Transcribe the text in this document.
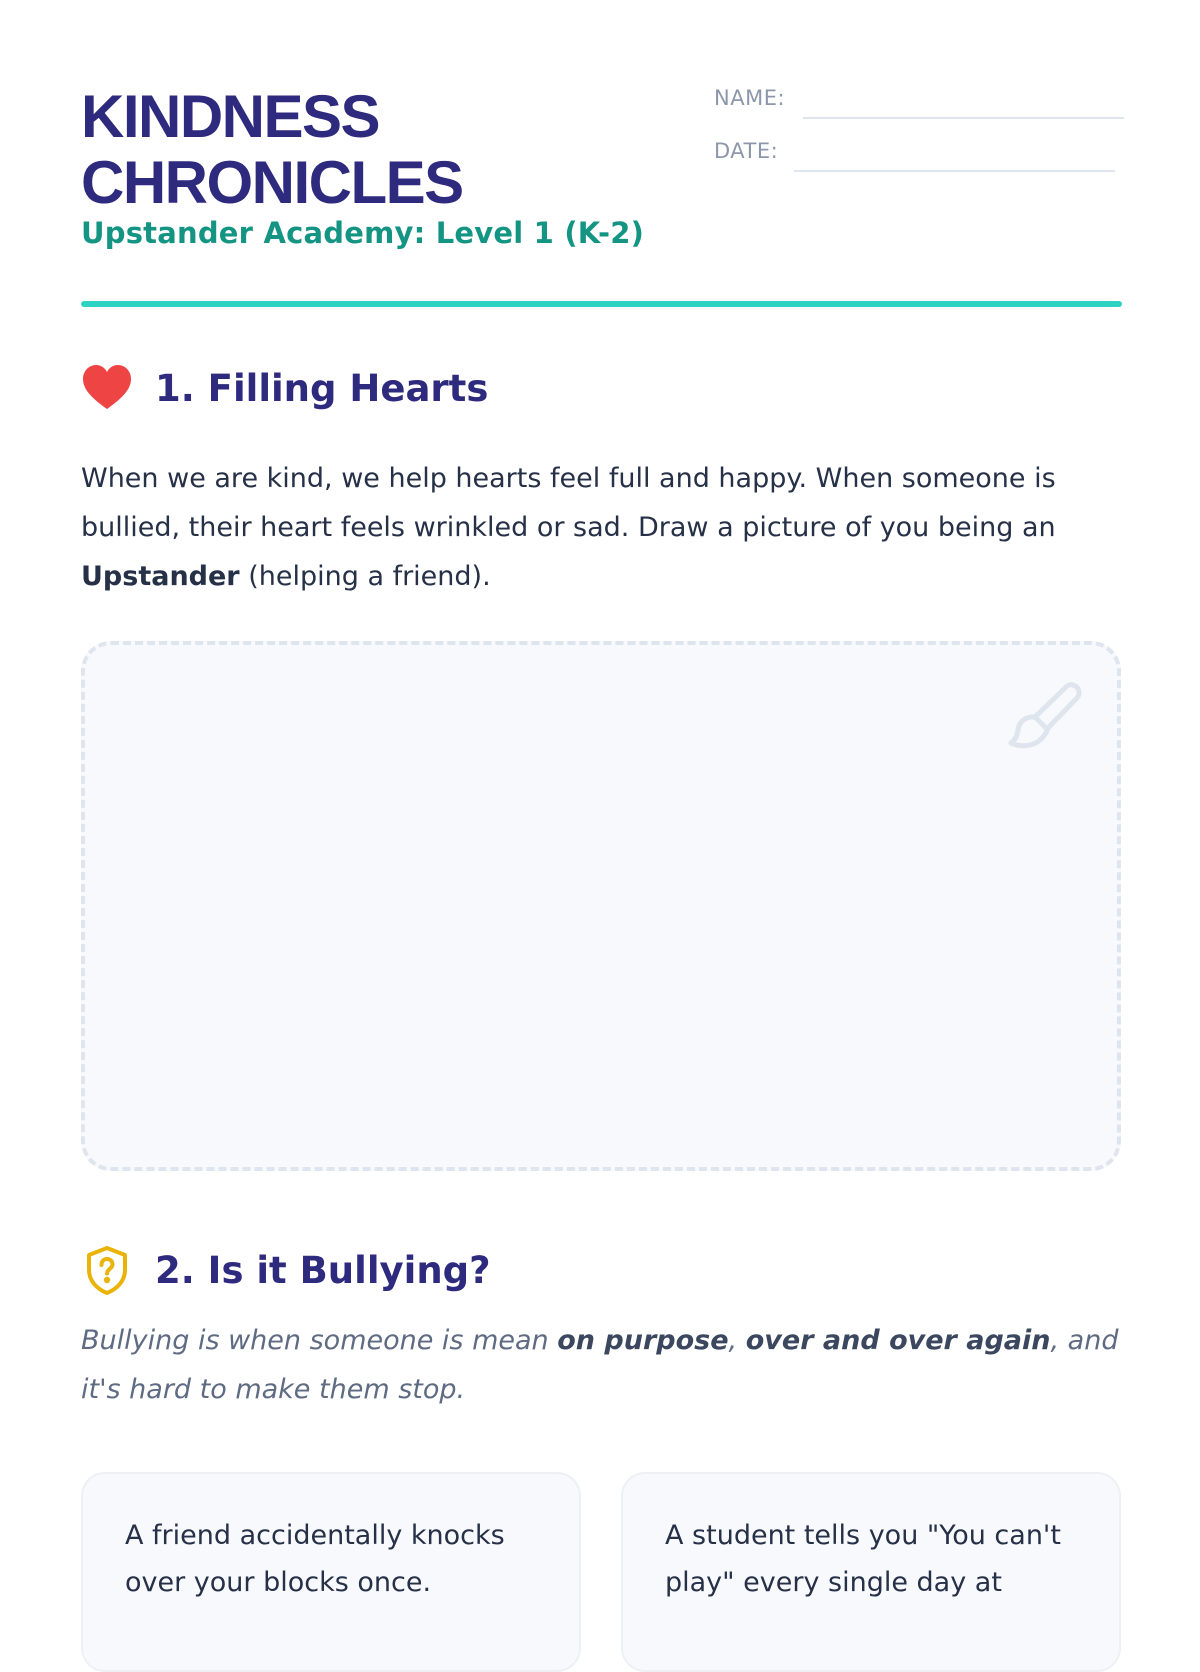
KINDNESS
CHRONICLES
Upstander Academy: Level 1 (K-2)
NAME:
DATE:
1. Filling Hearts

When we are kind, we help hearts feel full and happy. When someone is bullied, their heart feels wrinkled or sad. Draw a picture of you being an
Upstander (helping a friend).

2. Is it Bullying?

Bullying is when someone is mean on purpose, over and over again, and it's hard to make them stop.

A friend accidentally knocks over your blocks once.
A student tells you "You can't play" every single day at
